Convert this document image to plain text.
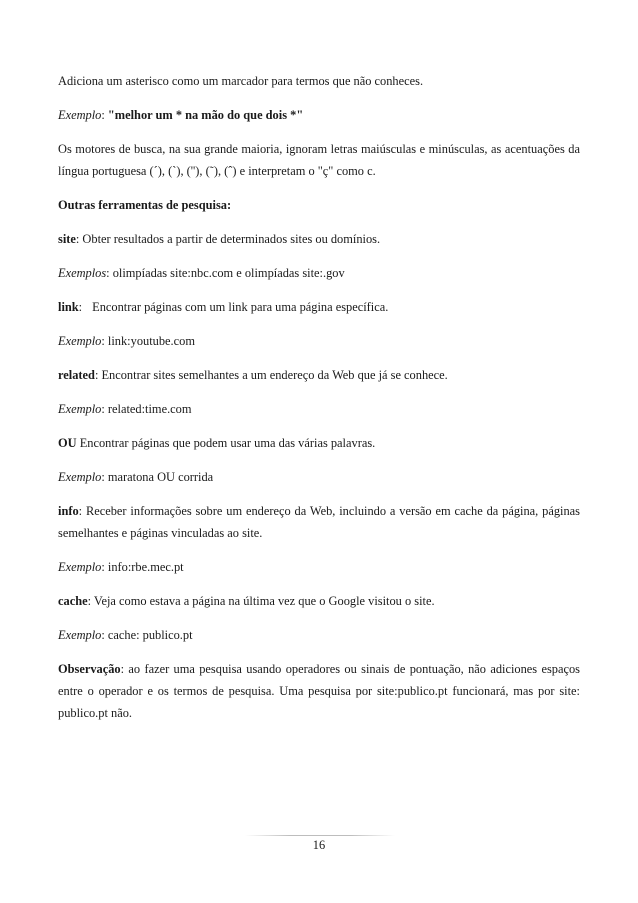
Adiciona um asterisco como um marcador para termos que não conheces.

Exemplo: "melhor um * na mão do que dois *"

Os motores de busca, na sua grande maioria, ignoram letras maiúsculas e minúsculas, as acentuações da língua portuguesa (´), (`), (''), (˜), (ˆ) e interpretam o "ç" como c.

Outras ferramentas de pesquisa:

site: Obter resultados a partir de determinados sites ou domínios.

Exemplos: olimpíadas site:nbc.com e olimpíadas site:.gov

link: Encontrar páginas com um link para uma página específica.

Exemplo: link:youtube.com

related: Encontrar sites semelhantes a um endereço da Web que já se conhece.

Exemplo: related:time.com

OU Encontrar páginas que podem usar uma das várias palavras.

Exemplo: maratona OU corrida

info: Receber informações sobre um endereço da Web, incluindo a versão em cache da página, páginas semelhantes e páginas vinculadas ao site.

Exemplo: info:rbe.mec.pt

cache: Veja como estava a página na última vez que o Google visitou o site.

Exemplo: cache: publico.pt

Observação: ao fazer uma pesquisa usando operadores ou sinais de pontuação, não adiciones espaços entre o operador e os termos de pesquisa. Uma pesquisa por site:publico.pt funcionará, mas por site: publico.pt não.

16
